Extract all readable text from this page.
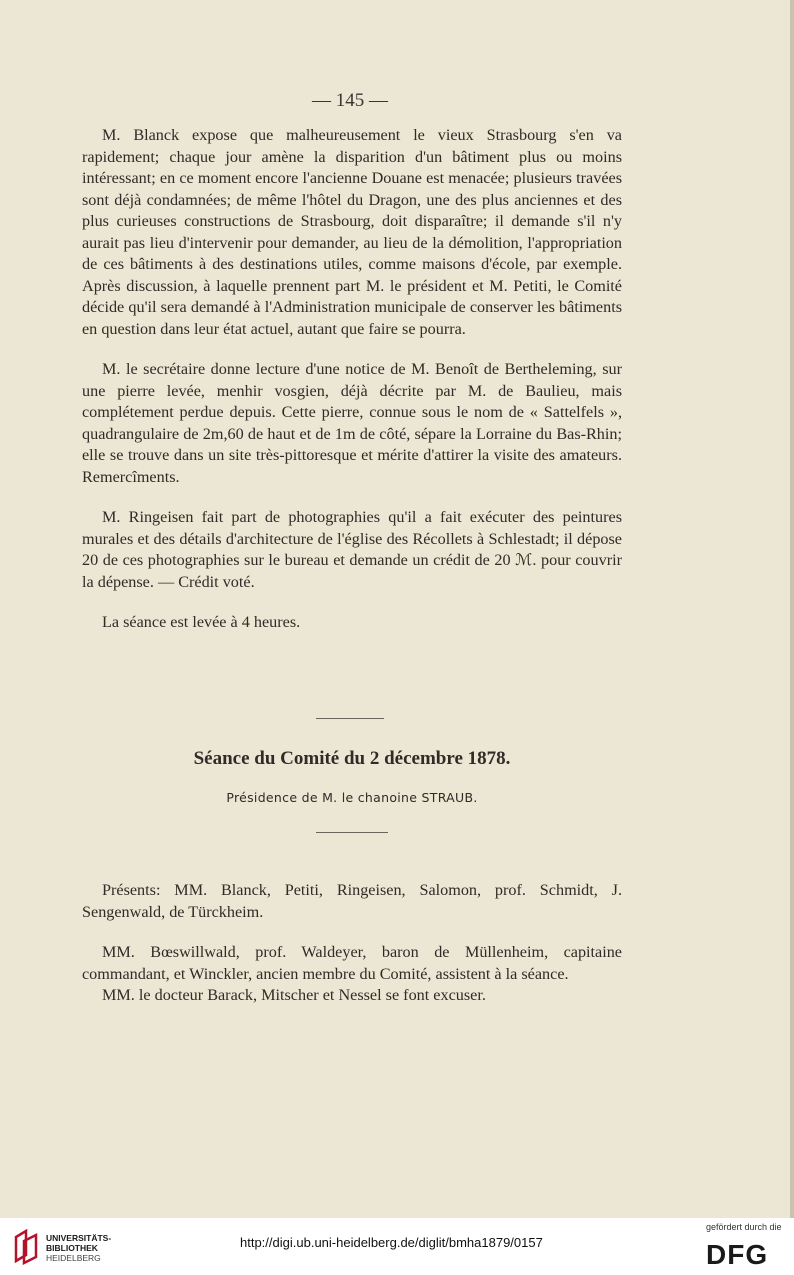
— 145 —

M. Blanck expose que malheureusement le vieux Strasbourg s'en va rapidement; chaque jour amène la disparition d'un bâtiment plus ou moins intéressant; en ce moment encore l'ancienne Douane est menacée; plusieurs travées sont déjà condamnées; de même l'hôtel du Dragon, une des plus anciennes et des plus curieuses constructions de Strasbourg, doit disparaître; il demande s'il n'y aurait pas lieu d'intervenir pour demander, au lieu de la démolition, l'appropriation de ces bâtiments à des destinations utiles, comme maisons d'école, par exemple. Après discussion, à laquelle prennent part M. le président et M. Petiti, le Comité décide qu'il sera demandé à l'Administration municipale de conserver les bâtiments en question dans leur état actuel, autant que faire se pourra.

M. le secrétaire donne lecture d'une notice de M. Benoît de Bertheleming, sur une pierre levée, menhir vosgien, déjà décrite par M. de Baulieu, mais complétement perdue depuis. Cette pierre, connue sous le nom de « Sattelfels », quadrangulaire de 2m,60 de haut et de 1m de côté, sépare la Lorraine du Bas-Rhin; elle se trouve dans un site très-pittoresque et mérite d'attirer la visite des amateurs. Remercîments.

M. Ringeisen fait part de photographies qu'il a fait exécuter des peintures murales et des détails d'architecture de l'église des Récollets à Schlestadt; il dépose 20 de ces photographies sur le bureau et demande un crédit de 20 ℳ. pour couvrir la dépense. — Crédit voté.

La séance est levée à 4 heures.

Séance du Comité du 2 décembre 1878.
Présidence de M. le chanoine STRAUB.

Présents: MM. Blanck, Petiti, Ringeisen, Salomon, prof. Schmidt, J. Sengenwald, de Türckheim.

MM. Bœswillwald, prof. Waldeyer, baron de Müllenheim, capitaine commandant, et Winckler, ancien membre du Comité, assistent à la séance.

MM. le docteur Barack, Mitscher et Nessel se font excuser.

UNIVERSITÄTS-
BIBLIOTHEK
HEIDELBERG
http://digi.ub.uni-heidelberg.de/diglit/bmha1879/0157
gefördert durch die
DFG
